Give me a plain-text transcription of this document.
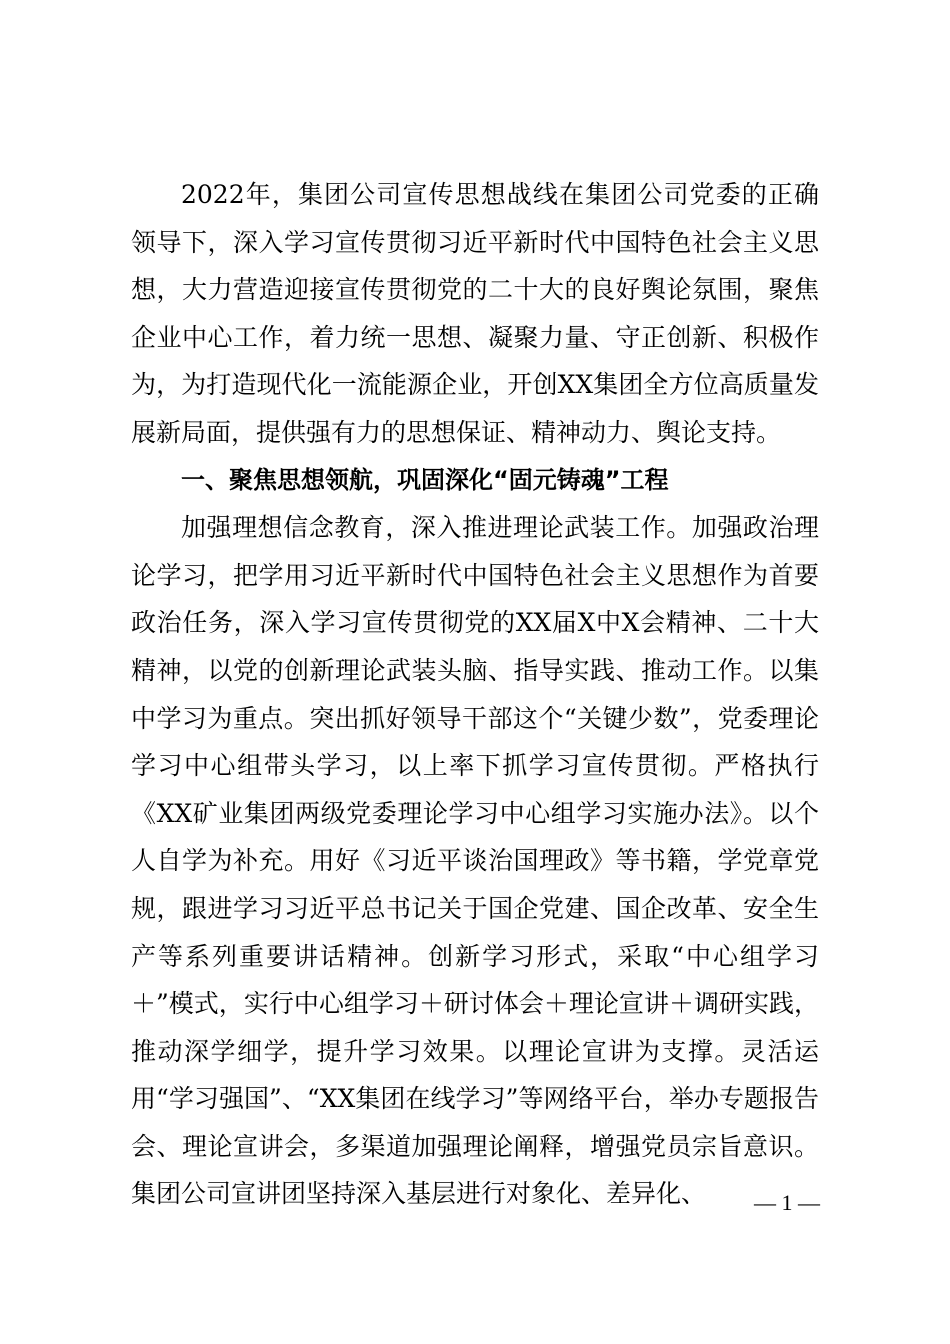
2022年，集团公司宣传思想战线在集团公司党委的正确领导下，深入学习宣传贯彻习近平新时代中国特色社会主义思想，大力营造迎接宣传贯彻党的二十大的良好舆论氛围，聚焦企业中心工作，着力统一思想、凝聚力量、守正创新、积极作为，为打造现代化一流能源企业，开创XX集团全方位高质量发展新局面，提供强有力的思想保证、精神动力、舆论支持。

一、聚焦思想领航，巩固深化“固元铸魂”工程

加强理想信念教育，深入推进理论武装工作。加强政治理论学习，把学用习近平新时代中国特色社会主义思想作为首要政治任务，深入学习宣传贯彻党的XX届X中X会精神、二十大精神，以党的创新理论武装头脑、指导实践、推动工作。以集中学习为重点。突出抓好领导干部这个“关键少数”，党委理论学习中心组带头学习，以上率下抓学习宣传贯彻。严格执行《XX矿业集团两级党委理论学习中心组学习实施办法》。以个人自学为补充。用好《习近平谈治国理政》等书籍，学党章党规，跟进学习习近平总书记关于国企党建、国企改革、安全生产等系列重要讲话精神。创新学习形式，采取“中心组学习＋”模式，实行中心组学习＋研讨体会＋理论宣讲＋调研实践，推动深学细学，提升学习效果。以理论宣讲为支撑。灵活运用“学习强国”、“XX集团在线学习”等网络平台，举办专题报告会、理论宣讲会，多渠道加强理论阐释，增强党员宗旨意识。集团公司宣讲团坚持深入基层进行对象化、差异化、	— 1 —
